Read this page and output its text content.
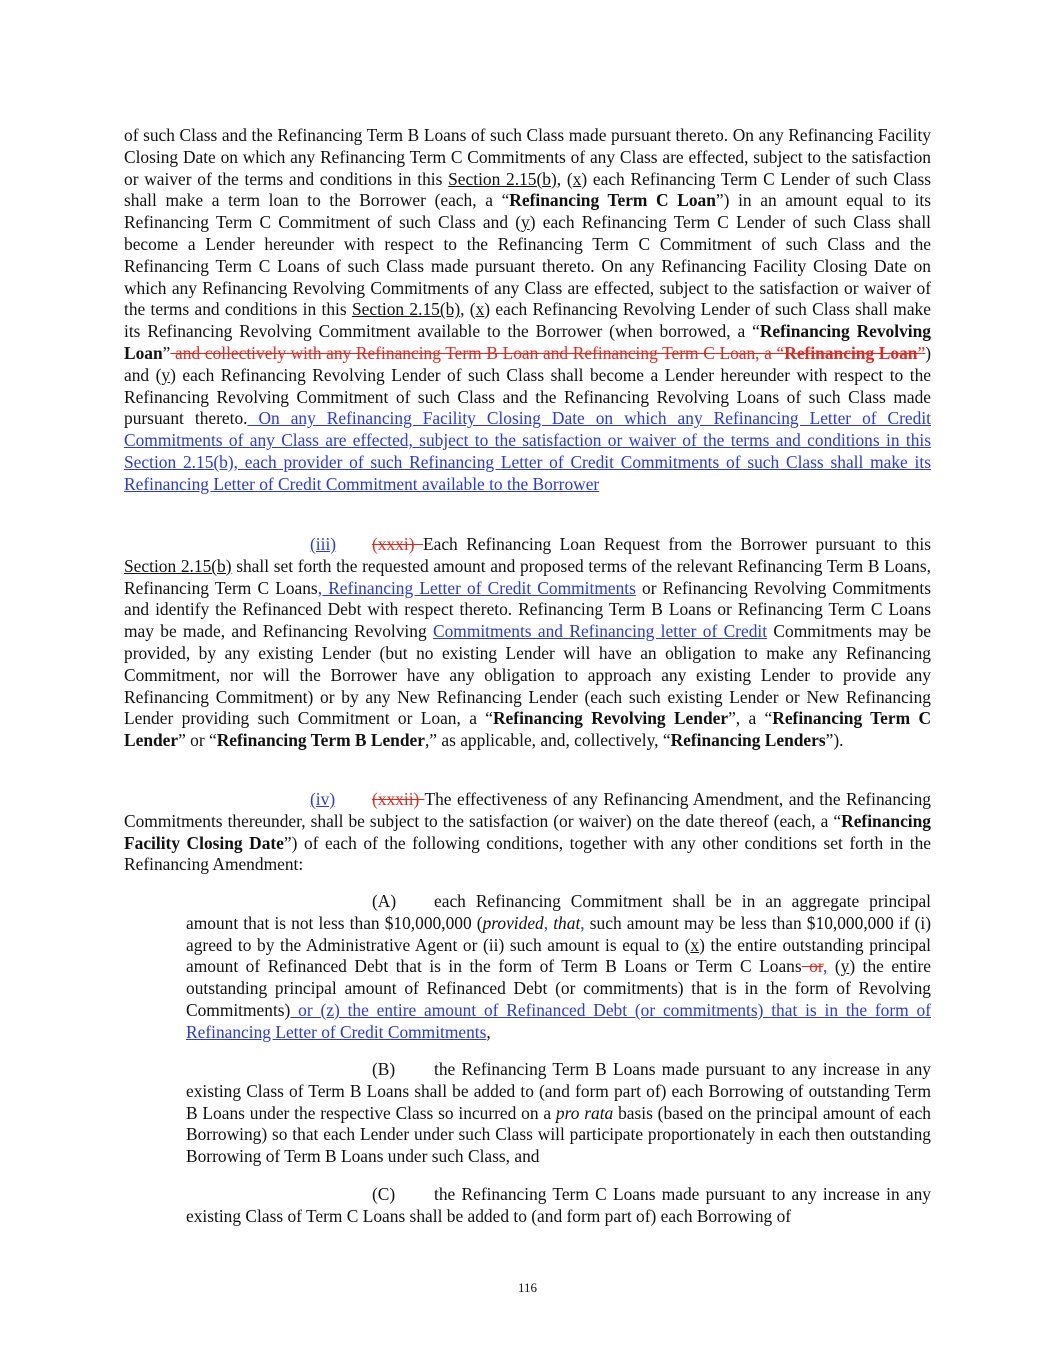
of such Class and the Refinancing Term B Loans of such Class made pursuant thereto. On any Refinancing Facility Closing Date on which any Refinancing Term C Commitments of any Class are effected, subject to the satisfaction or waiver of the terms and conditions in this Section 2.15(b), (x) each Refinancing Term C Lender of such Class shall make a term loan to the Borrower (each, a “Refinancing Term C Loan”) in an amount equal to its Refinancing Term C Commitment of such Class and (y) each Refinancing Term C Lender of such Class shall become a Lender hereunder with respect to the Refinancing Term C Commitment of such Class and the Refinancing Term C Loans of such Class made pursuant thereto. On any Refinancing Facility Closing Date on which any Refinancing Revolving Commitments of any Class are effected, subject to the satisfaction or waiver of the terms and conditions in this Section 2.15(b), (x) each Refinancing Revolving Lender of such Class shall make its Refinancing Revolving Commitment available to the Borrower (when borrowed, a “Refinancing Revolving Loan” and collectively with any Refinancing Term B Loan and Refinancing Term C Loan, a “Refinancing Loan”) and (y) each Refinancing Revolving Lender of such Class shall become a Lender hereunder with respect to the Refinancing Revolving Commitment of such Class and the Refinancing Revolving Loans of such Class made pursuant thereto. On any Refinancing Facility Closing Date on which any Refinancing Letter of Credit Commitments of any Class are effected, subject to the satisfaction or waiver of the terms and conditions in this Section 2.15(b), each provider of such Refinancing Letter of Credit Commitments of such Class shall make its Refinancing Letter of Credit Commitment available to the Borrower
(iii) (xxxi) Each Refinancing Loan Request from the Borrower pursuant to this Section 2.15(b) shall set forth the requested amount and proposed terms of the relevant Refinancing Term B Loans, Refinancing Term C Loans, Refinancing Letter of Credit Commitments or Refinancing Revolving Commitments and identify the Refinanced Debt with respect thereto. Refinancing Term B Loans or Refinancing Term C Loans may be made, and Refinancing Revolving Commitments and Refinancing letter of Credit Commitments may be provided, by any existing Lender (but no existing Lender will have an obligation to make any Refinancing Commitment, nor will the Borrower have any obligation to approach any existing Lender to provide any Refinancing Commitment) or by any New Refinancing Lender (each such existing Lender or New Refinancing Lender providing such Commitment or Loan, a “Refinancing Revolving Lender”, a “Refinancing Term C Lender” or “Refinancing Term B Lender,” as applicable, and, collectively, “Refinancing Lenders”).
(iv) (xxxii) The effectiveness of any Refinancing Amendment, and the Refinancing Commitments thereunder, shall be subject to the satisfaction (or waiver) on the date thereof (each, a “Refinancing Facility Closing Date”) of each of the following conditions, together with any other conditions set forth in the Refinancing Amendment:
(A) each Refinancing Commitment shall be in an aggregate principal amount that is not less than $10,000,000 (provided, that, such amount may be less than $10,000,000 if (i) agreed to by the Administrative Agent or (ii) such amount is equal to (x) the entire outstanding principal amount of Refinanced Debt that is in the form of Term B Loans or Term C Loans or, (y) the entire outstanding principal amount of Refinanced Debt (or commitments) that is in the form of Revolving Commitments) or (z) the entire amount of Refinanced Debt (or commitments) that is in the form of Refinancing Letter of Credit Commitments,
(B) the Refinancing Term B Loans made pursuant to any increase in any existing Class of Term B Loans shall be added to (and form part of) each Borrowing of outstanding Term B Loans under the respective Class so incurred on a pro rata basis (based on the principal amount of each Borrowing) so that each Lender under such Class will participate proportionately in each then outstanding Borrowing of Term B Loans under such Class, and
(C) the Refinancing Term C Loans made pursuant to any increase in any existing Class of Term C Loans shall be added to (and form part of) each Borrowing of
116
